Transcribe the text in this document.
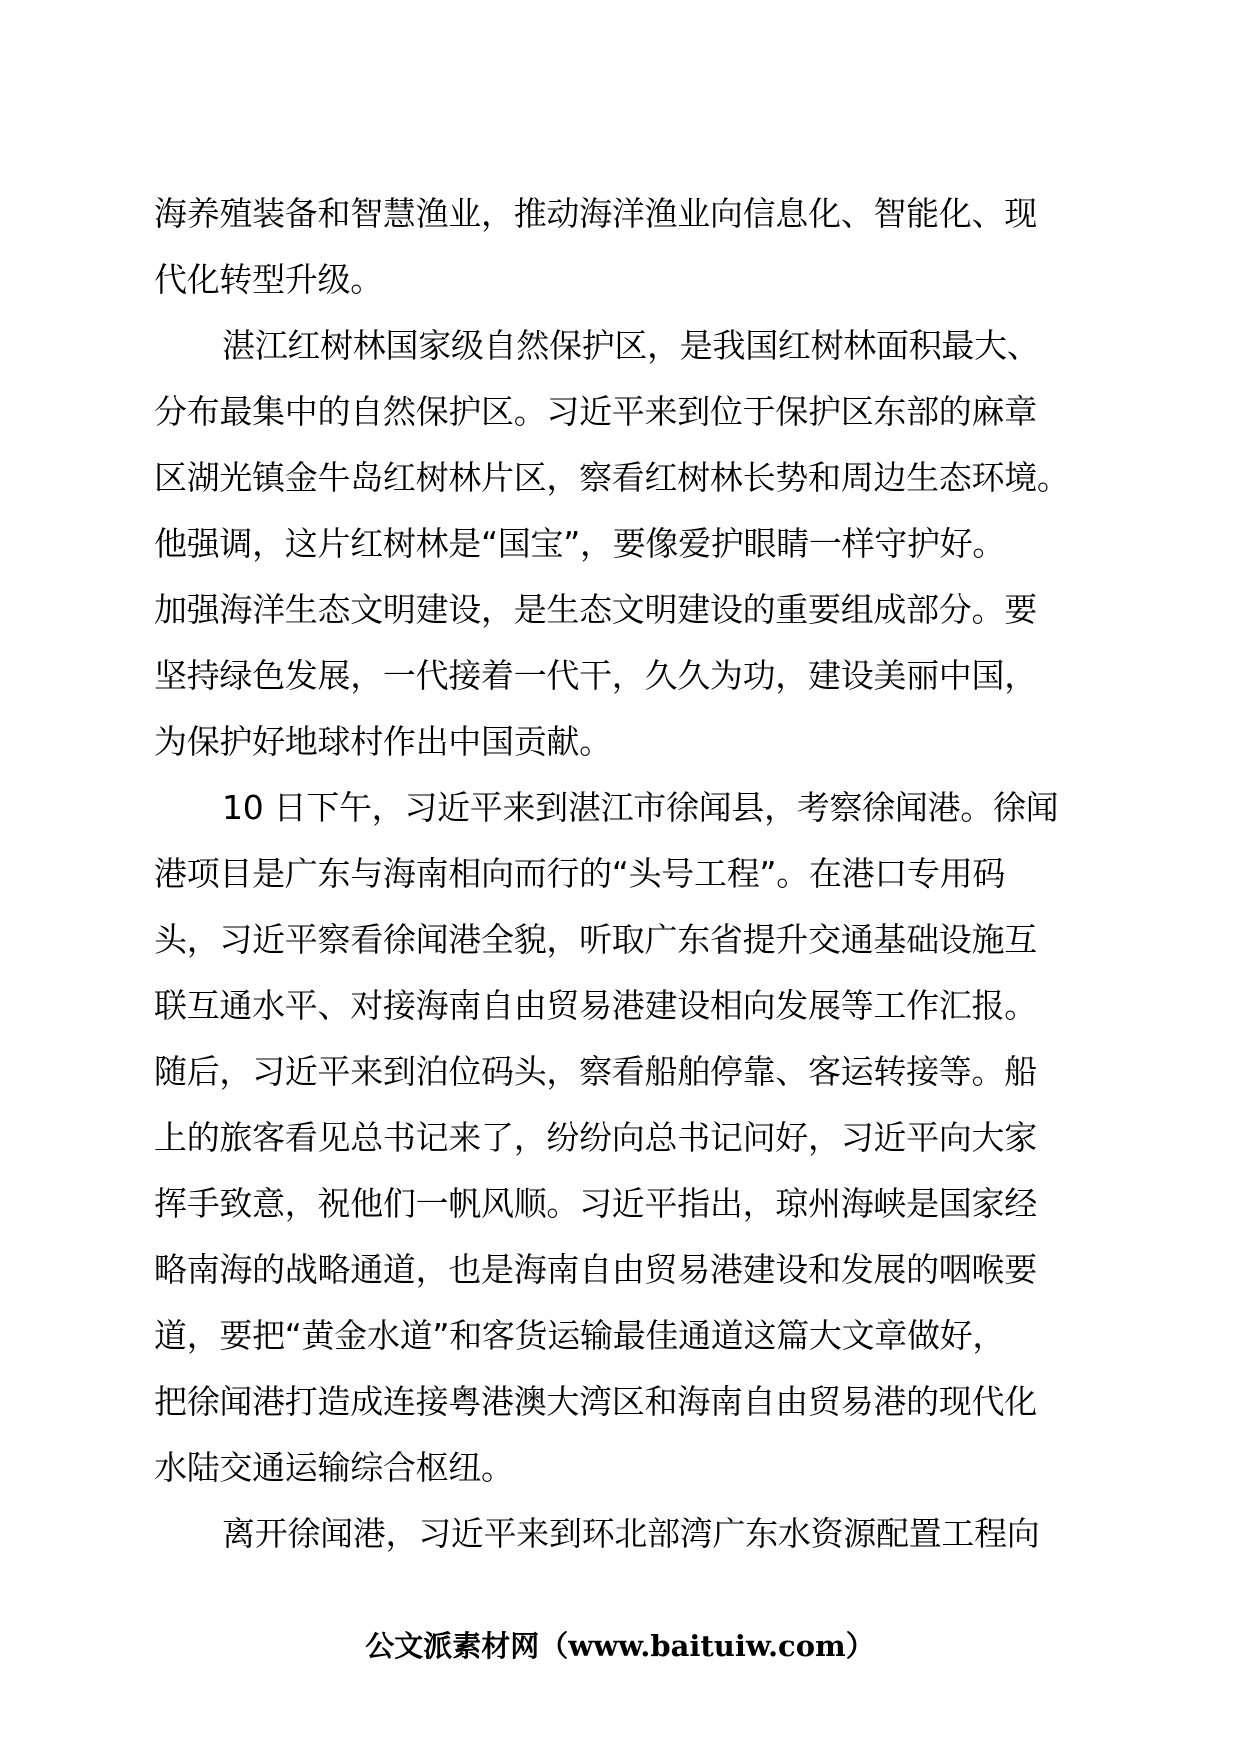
海养殖装备和智慧渔业，推动海洋渔业向信息化、智能化、现
代化转型升级。

湛江红树林国家级自然保护区，是我国红树林面积最大、
分布最集中的自然保护区。习近平来到位于保护区东部的麻章
区湖光镇金牛岛红树林片区，察看红树林长势和周边生态环境。
他强调，这片红树林是“国宝”，要像爱护眼睛一样守护好。
加强海洋生态文明建设，是生态文明建设的重要组成部分。要
坚持绿色发展，一代接着一代干，久久为功，建设美丽中国，
为保护好地球村作出中国贡献。

10 日下午，习近平来到湛江市徐闻县，考察徐闻港。徐闻
港项目是广东与海南相向而行的“头号工程”。在港口专用码
头，习近平察看徐闻港全貌，听取广东省提升交通基础设施互
联互通水平、对接海南自由贸易港建设相向发展等工作汇报。
随后，习近平来到泊位码头，察看船舶停靠、客运转接等。船
上的旅客看见总书记来了，纷纷向总书记问好，习近平向大家
挥手致意，祝他们一帆风顺。习近平指出，琼州海峡是国家经
略南海的战略通道，也是海南自由贸易港建设和发展的咽喉要
道，要把“黄金水道”和客货运输最佳通道这篇大文章做好，
把徐闻港打造成连接粤港澳大湾区和海南自由贸易港的现代化
水陆交通运输综合枢纽。

离开徐闻港，习近平来到环北部湾广东水资源配置工程向

公文派素材网（www.baituiw.com）
